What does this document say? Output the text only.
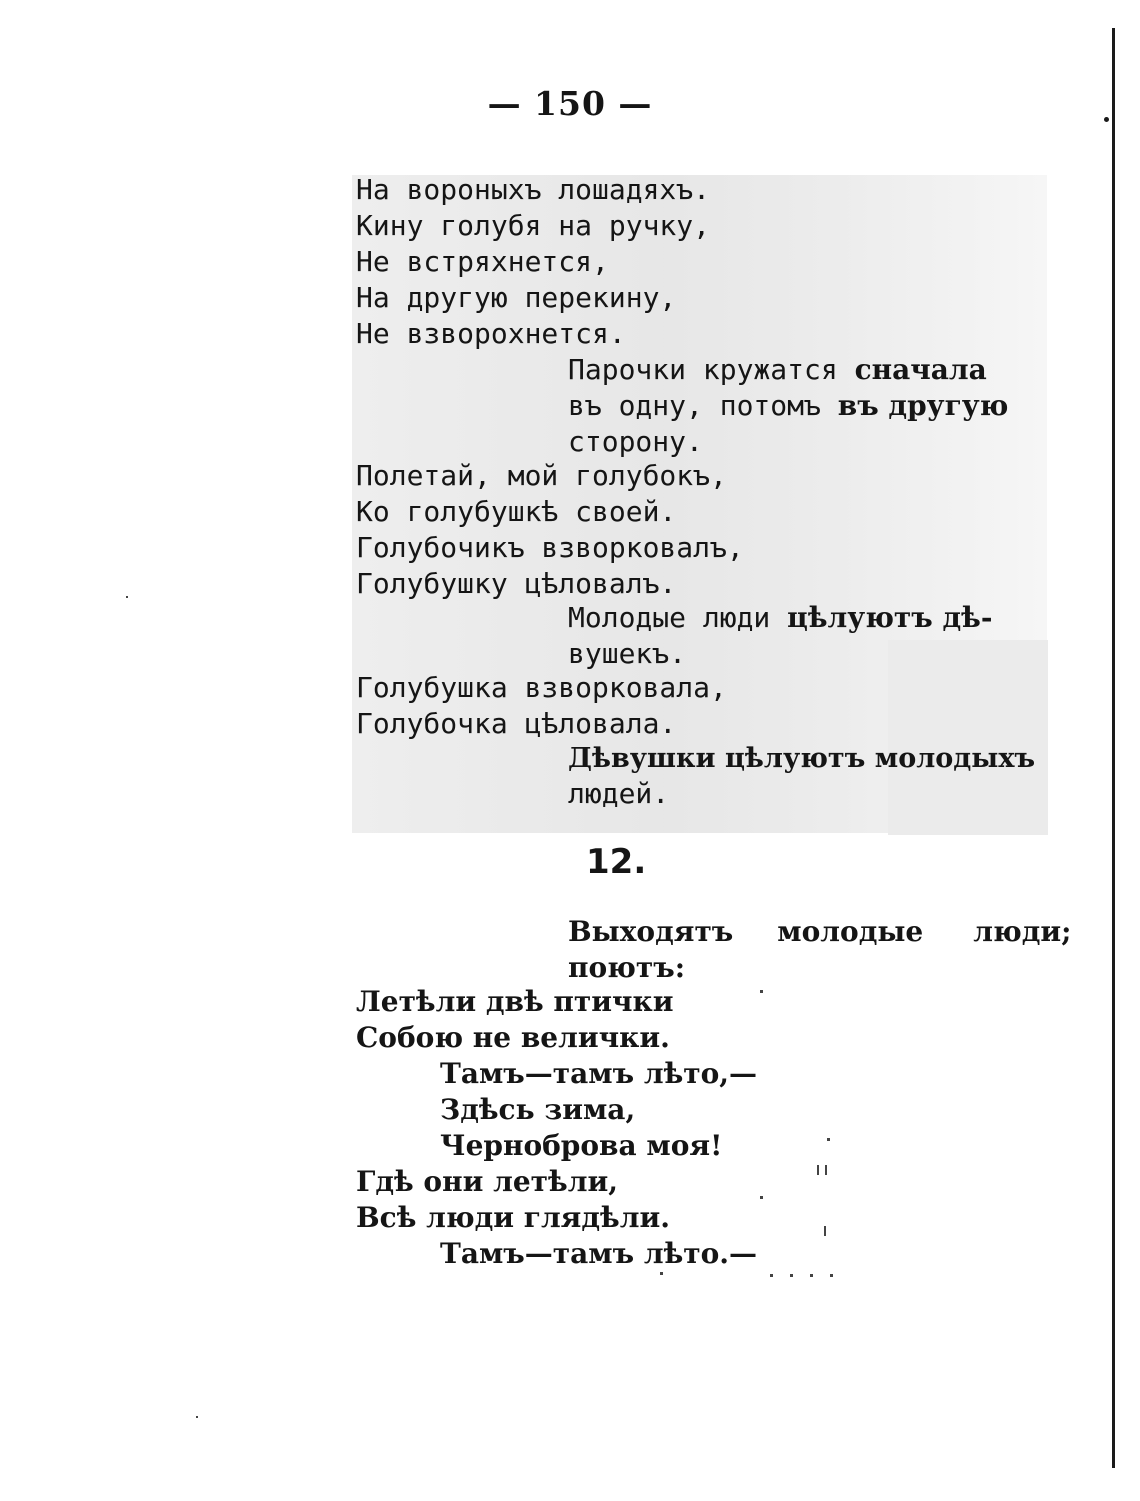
— 150 —
На вороныхъ лошадяхъ.
Кину голубя на ручку,
Не встряхнется,
На другую перекину,
Не взворохнется.
Парочки кружатся сначала
въ одну, потомъ въ другую
сторону.
Полетай, мой голубокъ,
Ко голубушкѣ своей.
Голубочикъ взворковалъ,
Голубушку цѣловалъ.
Молодые люди цѣлуютъ дѣ-
вушекъ.
Голубушка взворковала,
Голубочка цѣловала.
Дѣвушки цѣлуютъ молодыхъ
людей.
12.
Выходятъ молодые люди;
поютъ:
Летѣли двѣ птички
Собою не велички.
Тамъ—тамъ лѣто,—
Здѣсь зима,
Черноброва моя!
Гдѣ они летѣли,
Всѣ люди глядѣли.
Тамъ—тамъ лѣто.—
